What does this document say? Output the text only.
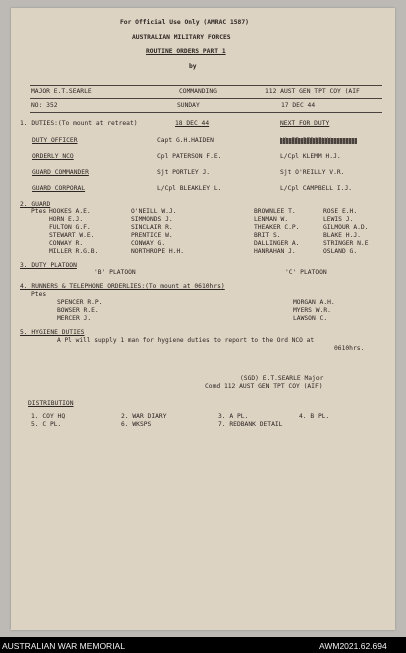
For Official Use Only (AMRAC 1587)
AUSTRALIAN MILITARY FORCES
ROUTINE ORDERS PART 1
by
MAJOR E.T.SEARLE	COMMANDING	112 AUST GEN TPT COY (AIF
NO: 352	SUNDAY	17 DEC 44
1. DUTIES:(To mount at retreat)	18 DEC 44	NEXT FOR DUTY
DUTY OFFICER	Capt G.H.HAIDEN
ORDERLY NCO	Cpl PATERSON F.E.	L/Cpl KLEMM H.J.
GUARD COMMANDER	Sjt PORTLEY J.	Sjt O'REILLY V.R.
GUARD CORPORAL	L/Cpl BLEAKLEY L.	L/Cpl CAMPBELL I.J.
2. GUARD
Ptes HOOKES A.E.	O'NEILL W.J.	BROWNLEE T.	ROSE E.H.
HORN E.J.	SIMMONDS J.	LENMAN W.	LEWIS J.
FULTON G.F.	SINCLAIR R.	THEAKER C.P.	GILMOUR A.D.
STEWART W.E.	PRENTICE W.	BRIT S.	BLAKE H.J.
CONWAY R.	CONWAY G.	DALLINGER A.	STRINGER N.E
MILLER R.G.B.	NORTHROPE H.H.	HANRAHAN J.	OSLAND G.
3. DUTY PLATOON
'B' PLATOON	'C' PLATOON
4. RUNNERS & TELEPHONE ORDERLIES:(To mount at 0610hrs)
Ptes
SPENCER R.P.	MORGAN A.H.
BOWSER R.E.	MYERS W.R.
MERCER J.	LAWSON C.
5. HYGIENE DUTIES
A Pl will supply 1 man for hygiene duties to report to the Ord NCO at
0610hrs.
(SGD) E.T.SEARLE Major
Comd 112 AUST GEN TPT COY (AIF)
DISTRIBUTION
1. COY HQ	2. WAR DIARY	3. A PL.	4. B PL.
5. C PL.	6. WKSPS	7. REDBANK DETAIL
AUSTRALIAN WAR MEMORIAL	AWM2021.62.694
